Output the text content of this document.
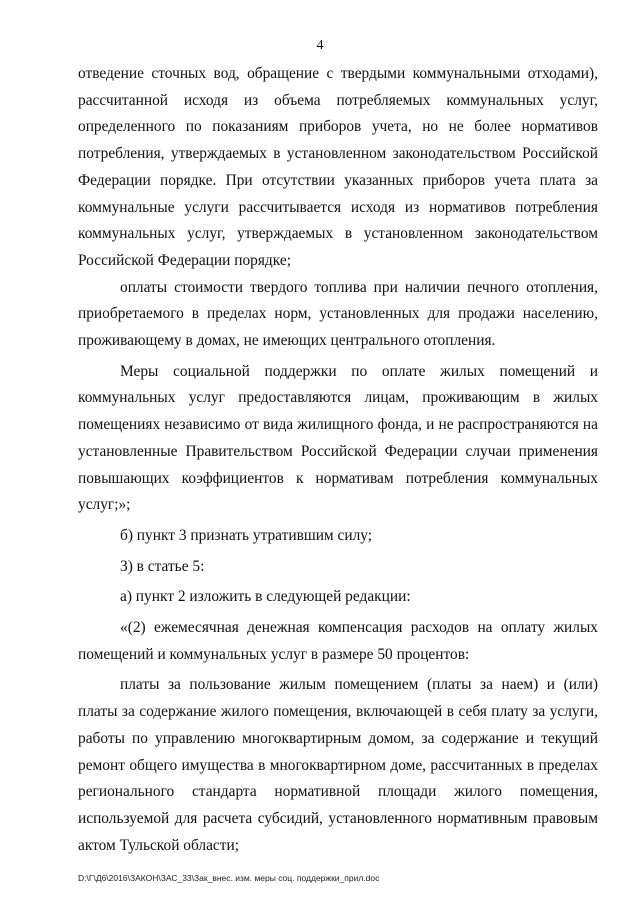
4

отведение сточных вод, обращение с твердыми коммунальными отходами), рассчитанной исходя из объема потребляемых коммунальных услуг, определенного по показаниям приборов учета, но не более нормативов потребления, утверждаемых в установленном законодательством Российской Федерации порядке. При отсутствии указанных приборов учета плата за коммунальные услуги рассчитывается исходя из нормативов потребления коммунальных услуг, утверждаемых в установленном законодательством Российской Федерации порядке;

оплаты стоимости твердого топлива при наличии печного отопления, приобретаемого в пределах норм, установленных для продажи населению, проживающему в домах, не имеющих центрального отопления.

Меры социальной поддержки по оплате жилых помещений и коммунальных услуг предоставляются лицам, проживающим в жилых помещениях независимо от вида жилищного фонда, и не распространяются на установленные Правительством Российской Федерации случаи применения повышающих коэффициентов к нормативам потребления коммунальных услуг;»;

б) пункт 3 признать утратившим силу;

3) в статье 5:

а) пункт 2 изложить в следующей редакции:

«(2) ежемесячная денежная компенсация расходов на оплату жилых помещений и коммунальных услуг в размере 50 процентов:

платы за пользование жилым помещением (платы за наем) и (или) платы за содержание жилого помещения, включающей в себя плату за услуги, работы по управлению многоквартирным домом, за содержание и текущий ремонт общего имущества в многоквартирном доме, рассчитанных в пределах регионального стандарта нормативной площади жилого помещения, используемой для расчета субсидий, установленного нормативным правовым актом Тульской области;

D:\Г\Д6\2016\ЗАКОН\ЗАС_33\Зак_внес. изм. меры соц. поддержки_прил.doc
